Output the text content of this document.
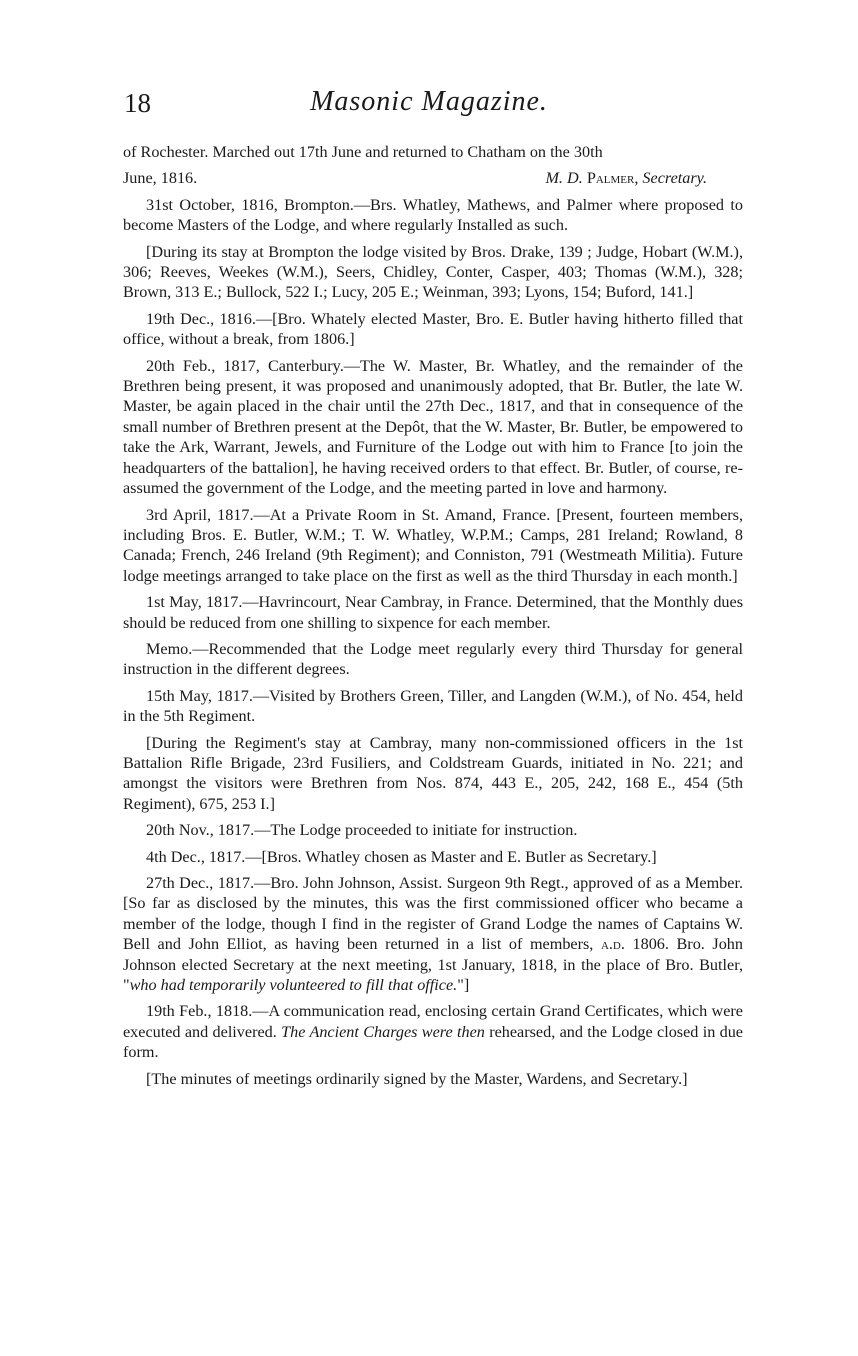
18	Masonic Magazine.

of Rochester. Marched out 17th June and returned to Chatham on the 30th

June, 1816.	M. D. Palmer, Secretary.

31st October, 1816, Brompton.—Brs. Whatley, Mathews, and Palmer where proposed to become Masters of the Lodge, and where regularly Installed as such.

[During its stay at Brompton the lodge visited by Bros. Drake, 139 ; Judge, Hobart (W.M.), 306; Reeves, Weekes (W.M.), Seers, Chidley, Conter, Casper, 403; Thomas (W.M.), 328; Brown, 313 E.; Bullock, 522 I.; Lucy, 205 E.; Weinman, 393; Lyons, 154; Buford, 141.]

19th Dec., 1816.—[Bro. Whately elected Master, Bro. E. Butler having hitherto filled that office, without a break, from 1806.]

20th Feb., 1817, Canterbury.—The W. Master, Br. Whatley, and the remainder of the Brethren being present, it was proposed and unanimously adopted, that Br. Butler, the late W. Master, be again placed in the chair until the 27th Dec., 1817, and that in consequence of the small number of Brethren present at the Depôt, that the W. Master, Br. Butler, be empowered to take the Ark, Warrant, Jewels, and Furniture of the Lodge out with him to France [to join the headquarters of the battalion], he having received orders to that effect. Br. Butler, of course, re-assumed the government of the Lodge, and the meeting parted in love and harmony.

3rd April, 1817.—At a Private Room in St. Amand, France. [Present, fourteen members, including Bros. E. Butler, W.M.; T. W. Whatley, W.P.M.; Camps, 281 Ireland; Rowland, 8 Canada; French, 246 Ireland (9th Regiment); and Conniston, 791 (Westmeath Militia). Future lodge meetings arranged to take place on the first as well as the third Thursday in each month.]

1st May, 1817.—Havrincourt, Near Cambray, in France. Determined, that the Monthly dues should be reduced from one shilling to sixpence for each member.

Memo.—Recommended that the Lodge meet regularly every third Thursday for general instruction in the different degrees.

15th May, 1817.—Visited by Brothers Green, Tiller, and Langden (W.M.), of No. 454, held in the 5th Regiment.

[During the Regiment's stay at Cambray, many non-commissioned officers in the 1st Battalion Rifle Brigade, 23rd Fusiliers, and Coldstream Guards, initiated in No. 221; and amongst the visitors were Brethren from Nos. 874, 443 E., 205, 242, 168 E., 454 (5th Regiment), 675, 253 I.]

20th Nov., 1817.—The Lodge proceeded to initiate for instruction.

4th Dec., 1817.—[Bros. Whatley chosen as Master and E. Butler as Secretary.]

27th Dec., 1817.—Bro. John Johnson, Assist. Surgeon 9th Regt., approved of as a Member. [So far as disclosed by the minutes, this was the first commissioned officer who became a member of the lodge, though I find in the register of Grand Lodge the names of Captains W. Bell and John Elliot, as having been returned in a list of members, a.d. 1806. Bro. John Johnson elected Secretary at the next meeting, 1st January, 1818, in the place of Bro. Butler, "who had temporarily volunteered to fill that office."]

19th Feb., 1818.—A communication read, enclosing certain Grand Certificates, which were executed and delivered. The Ancient Charges were then rehearsed, and the Lodge closed in due form.

[The minutes of meetings ordinarily signed by the Master, Wardens, and Secretary.]
